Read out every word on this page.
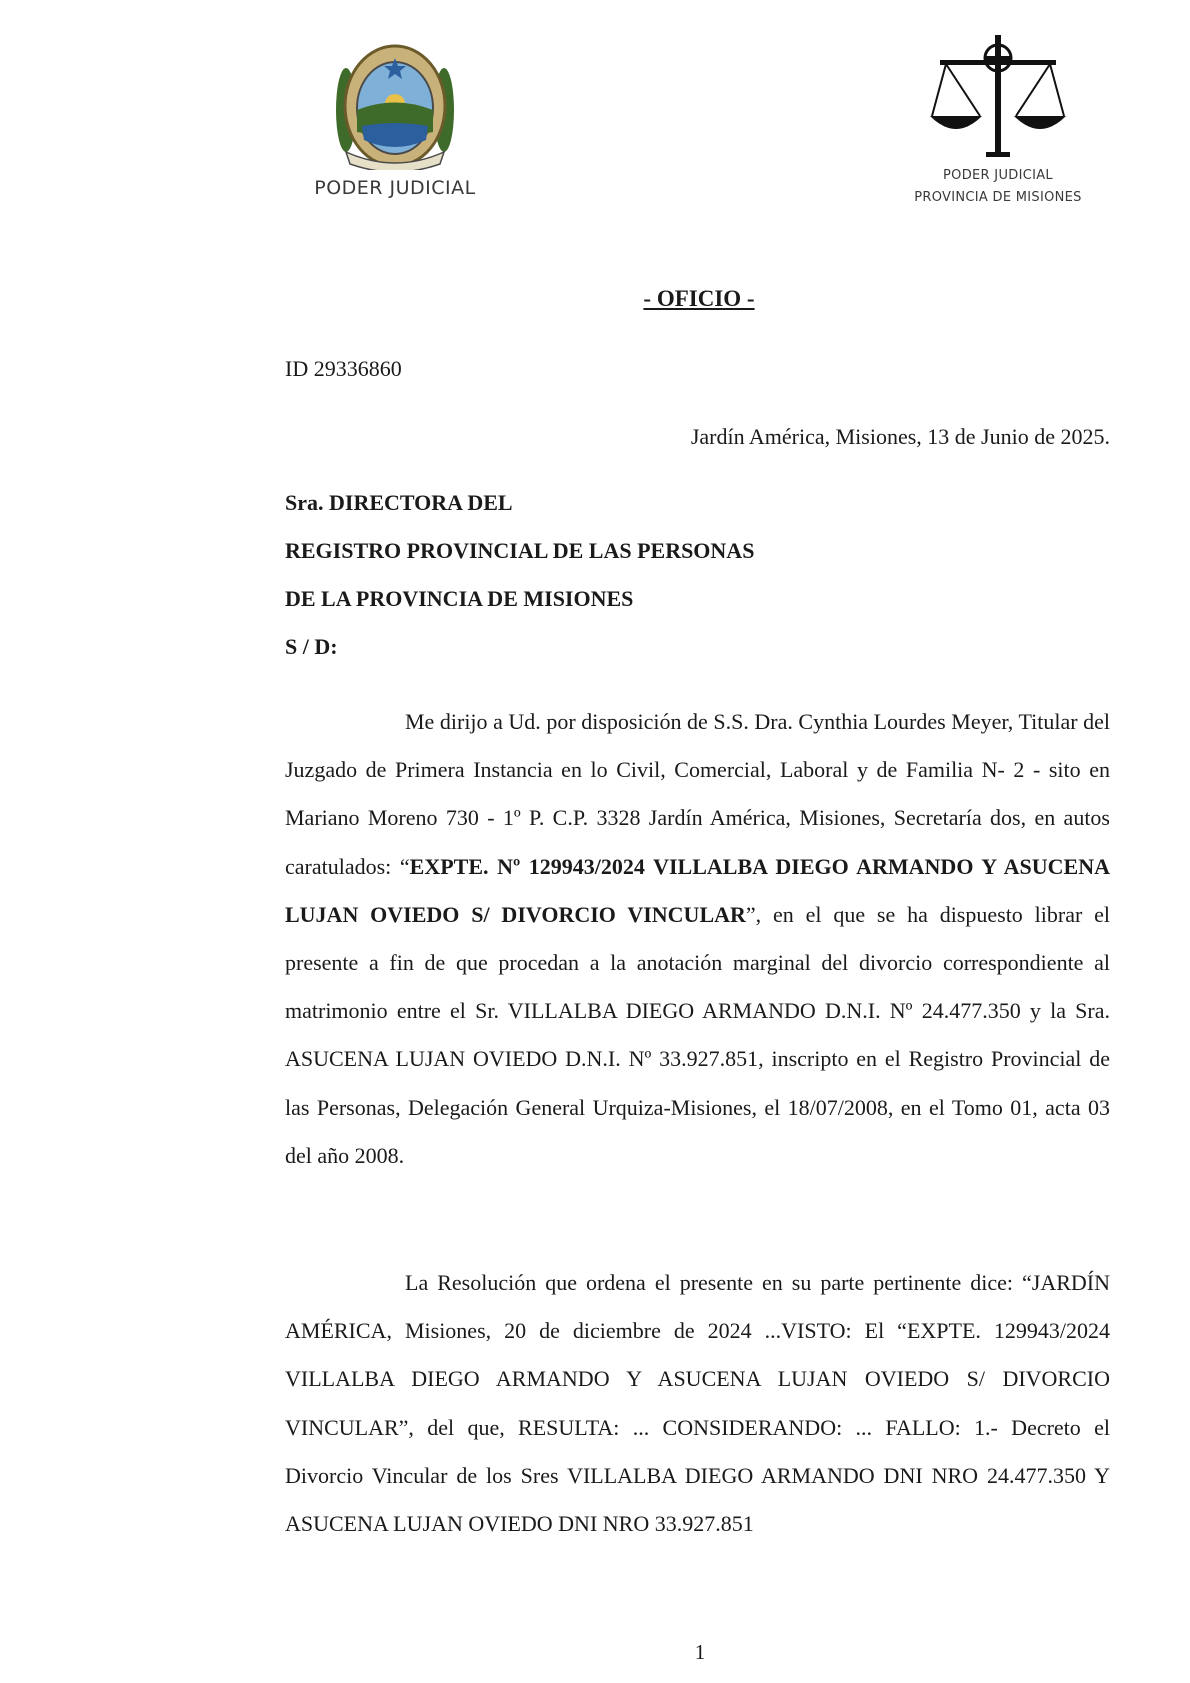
PODER JUDICIAL
PODER JUDICIAL
PROVINCIA DE MISIONES
- OFICIO -
ID 29336860
Jardín América, Misiones, 13 de Junio de 2025.
Sra. DIRECTORA DEL
REGISTRO PROVINCIAL DE LAS PERSONAS
DE LA PROVINCIA DE MISIONES
S / D:
Me dirijo a Ud. por disposición de S.S. Dra. Cynthia Lourdes Meyer, Titular del Juzgado de Primera Instancia en lo Civil, Comercial, Laboral y de Familia N- 2 - sito en Mariano Moreno 730 - 1º P. C.P. 3328 Jardín América, Misiones, Secretaría dos, en autos caratulados: “EXPTE. Nº 129943/2024 VILLALBA DIEGO ARMANDO Y ASUCENA LUJAN OVIEDO S/ DIVORCIO VINCULAR”, en el que se ha dispuesto librar el presente a fin de que procedan a la anotación marginal del divorcio correspondiente al matrimonio entre el Sr. VILLALBA DIEGO ARMANDO D.N.I. Nº 24.477.350 y la Sra. ASUCENA LUJAN OVIEDO D.N.I. Nº 33.927.851, inscripto en el Registro Provincial de las Personas, Delegación General Urquiza-Misiones, el 18/07/2008, en el Tomo 01, acta 03 del año 2008.
La Resolución que ordena el presente en su parte pertinente dice: “JARDÍN AMÉRICA, Misiones, 20 de diciembre de 2024 ...VISTO: El “EXPTE. 129943/2024 VILLALBA DIEGO ARMANDO Y ASUCENA LUJAN OVIEDO S/ DIVORCIO VINCULAR”, del que, RESULTA: ... CONSIDERANDO: ... FALLO: 1.- Decreto el Divorcio Vincular de los Sres VILLALBA DIEGO ARMANDO DNI NRO 24.477.350 Y ASUCENA LUJAN OVIEDO DNI NRO 33.927.851
1
